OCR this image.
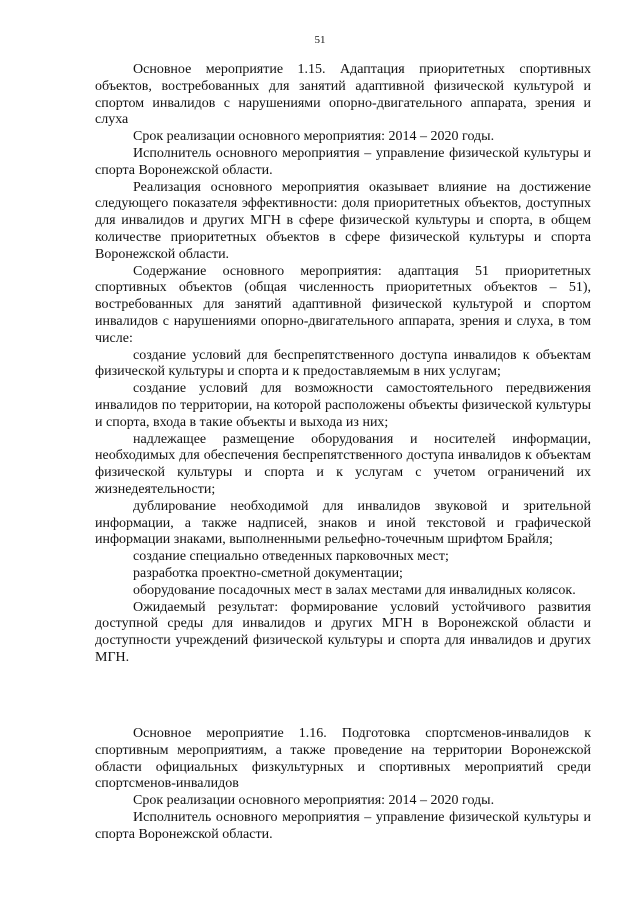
51

Основное мероприятие 1.15. Адаптация приоритетных спортивных объектов, востребованных для занятий адаптивной физической культурой и спортом инвалидов с нарушениями опорно-двигательного аппарата, зрения и слуха

Срок реализации основного мероприятия: 2014 – 2020 годы.

Исполнитель основного мероприятия – управление физической культуры и спорта Воронежской области.

Реализация основного мероприятия оказывает влияние на достижение следующего показателя эффективности: доля приоритетных объектов, доступных для инвалидов и других МГН в сфере физической культуры и спорта, в общем количестве приоритетных объектов в сфере физической культуры и спорта Воронежской области.

Содержание основного мероприятия: адаптация 51 приоритетных спортивных объектов (общая численность приоритетных объектов – 51), востребованных для занятий адаптивной физической культурой и спортом инвалидов с нарушениями опорно-двигательного аппарата, зрения и слуха, в том числе:

создание условий для беспрепятственного доступа инвалидов к объектам физической культуры и спорта и к предоставляемым в них услугам;

создание условий для возможности самостоятельного передвижения инвалидов по территории, на которой расположены объекты физической культуры и спорта, входа в такие объекты и выхода из них;

надлежащее размещение оборудования и носителей информации, необходимых для обеспечения беспрепятственного доступа инвалидов к объектам физической культуры и спорта и к услугам с учетом ограничений их жизнедеятельности;

дублирование необходимой для инвалидов звуковой и зрительной информации, а также надписей, знаков и иной текстовой и графической информации знаками, выполненными рельефно-точечным шрифтом Брайля;

создание специально отведенных парковочных мест;

разработка проектно-сметной документации;

оборудование посадочных мест в залах местами для инвалидных колясок.

Ожидаемый результат: формирование условий устойчивого развития доступной среды для инвалидов и других МГН в Воронежской области и доступности учреждений физической культуры и спорта для инвалидов и других МГН.

Основное мероприятие 1.16. Подготовка спортсменов-инвалидов к спортивным мероприятиям, а также проведение на территории Воронежской области официальных физкультурных и спортивных мероприятий среди спортсменов-инвалидов

Срок реализации основного мероприятия: 2014 – 2020 годы.

Исполнитель основного мероприятия – управление физической культуры и спорта Воронежской области.
